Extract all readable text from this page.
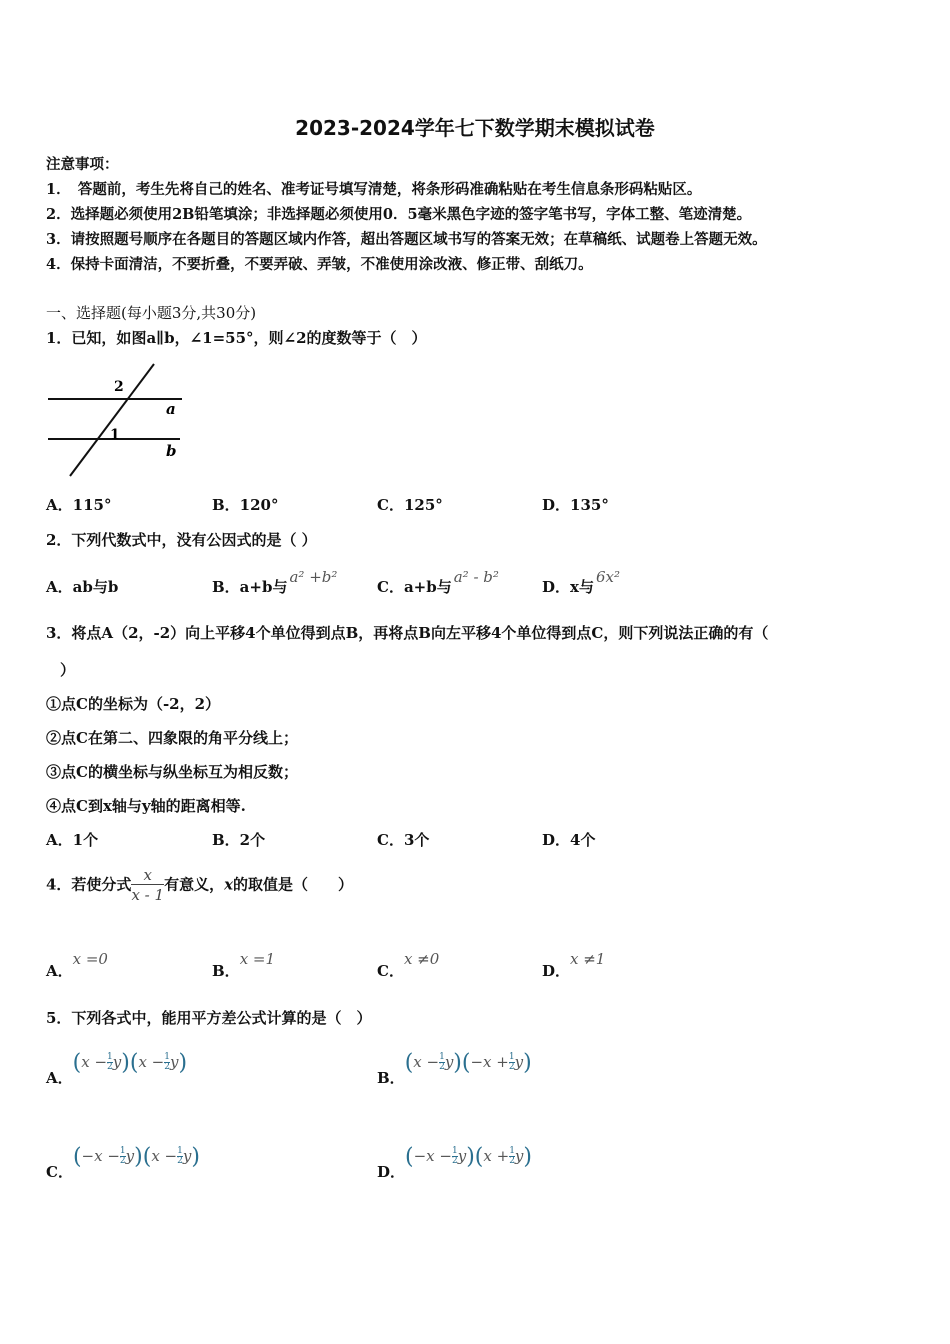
2023-2024学年七下数学期末模拟试卷
注意事项：
1．　答题前，考生先将自己的姓名、准考证号填写清楚，将条形码准确粘贴在考生信息条形码粘贴区。
2．选择题必须使用2B铅笔填涂；非选择题必须使用0．5毫米黑色字迹的签字笔书写，字体工整、笔迹清楚。
3．请按照题号顺序在各题目的答题区域内作答，超出答题区域书写的答案无效；在草稿纸、试题卷上答题无效。
4．保持卡面清洁，不要折叠，不要弄破、弄皱，不准使用涂改液、修正带、刮纸刀。
一、选择题(每小题3分,共30分)
1．已知，如图a∥b，∠1=55°，则∠2的度数等于（　）
2
1
a
b
A．115°	B．120°	C．125°	D．135°
2．下列代数式中，没有公因式的是（ ）
A．ab与b	B．a+b与a² +b²
C．a+b与a² - b²
D．x与6x²
3．将点A（2，-2）向上平移4个单位得到点B，再将点B向左平移4个单位得到点C，则下列说法正确的有（
）
①点C的坐标为（-2，2）
②点C在第二、四象限的角平分线上；
③点C的横坐标与纵坐标互为相反数；
④点C到x轴与y轴的距离相等.
A．1个	B．2个	C．3个	D．4个
4．若使分式 $\frac{x}{x - 1}$ 有意义，x的取值是（　　）
A．x =0
B．x =1
C．x ≠0
D．x ≠1
5．下列各式中，能用平方差公式计算的是（　）
A．$(x - \frac{1}{2}y)(x - \frac{1}{2}y)$
B．$(x - \frac{1}{2}y)(-x + \frac{1}{2}y)$
C．$(-x - \frac{1}{2}y)(x - \frac{1}{2}y)$
D．$(-x - \frac{1}{2}y)(x + \frac{1}{2}y)$
